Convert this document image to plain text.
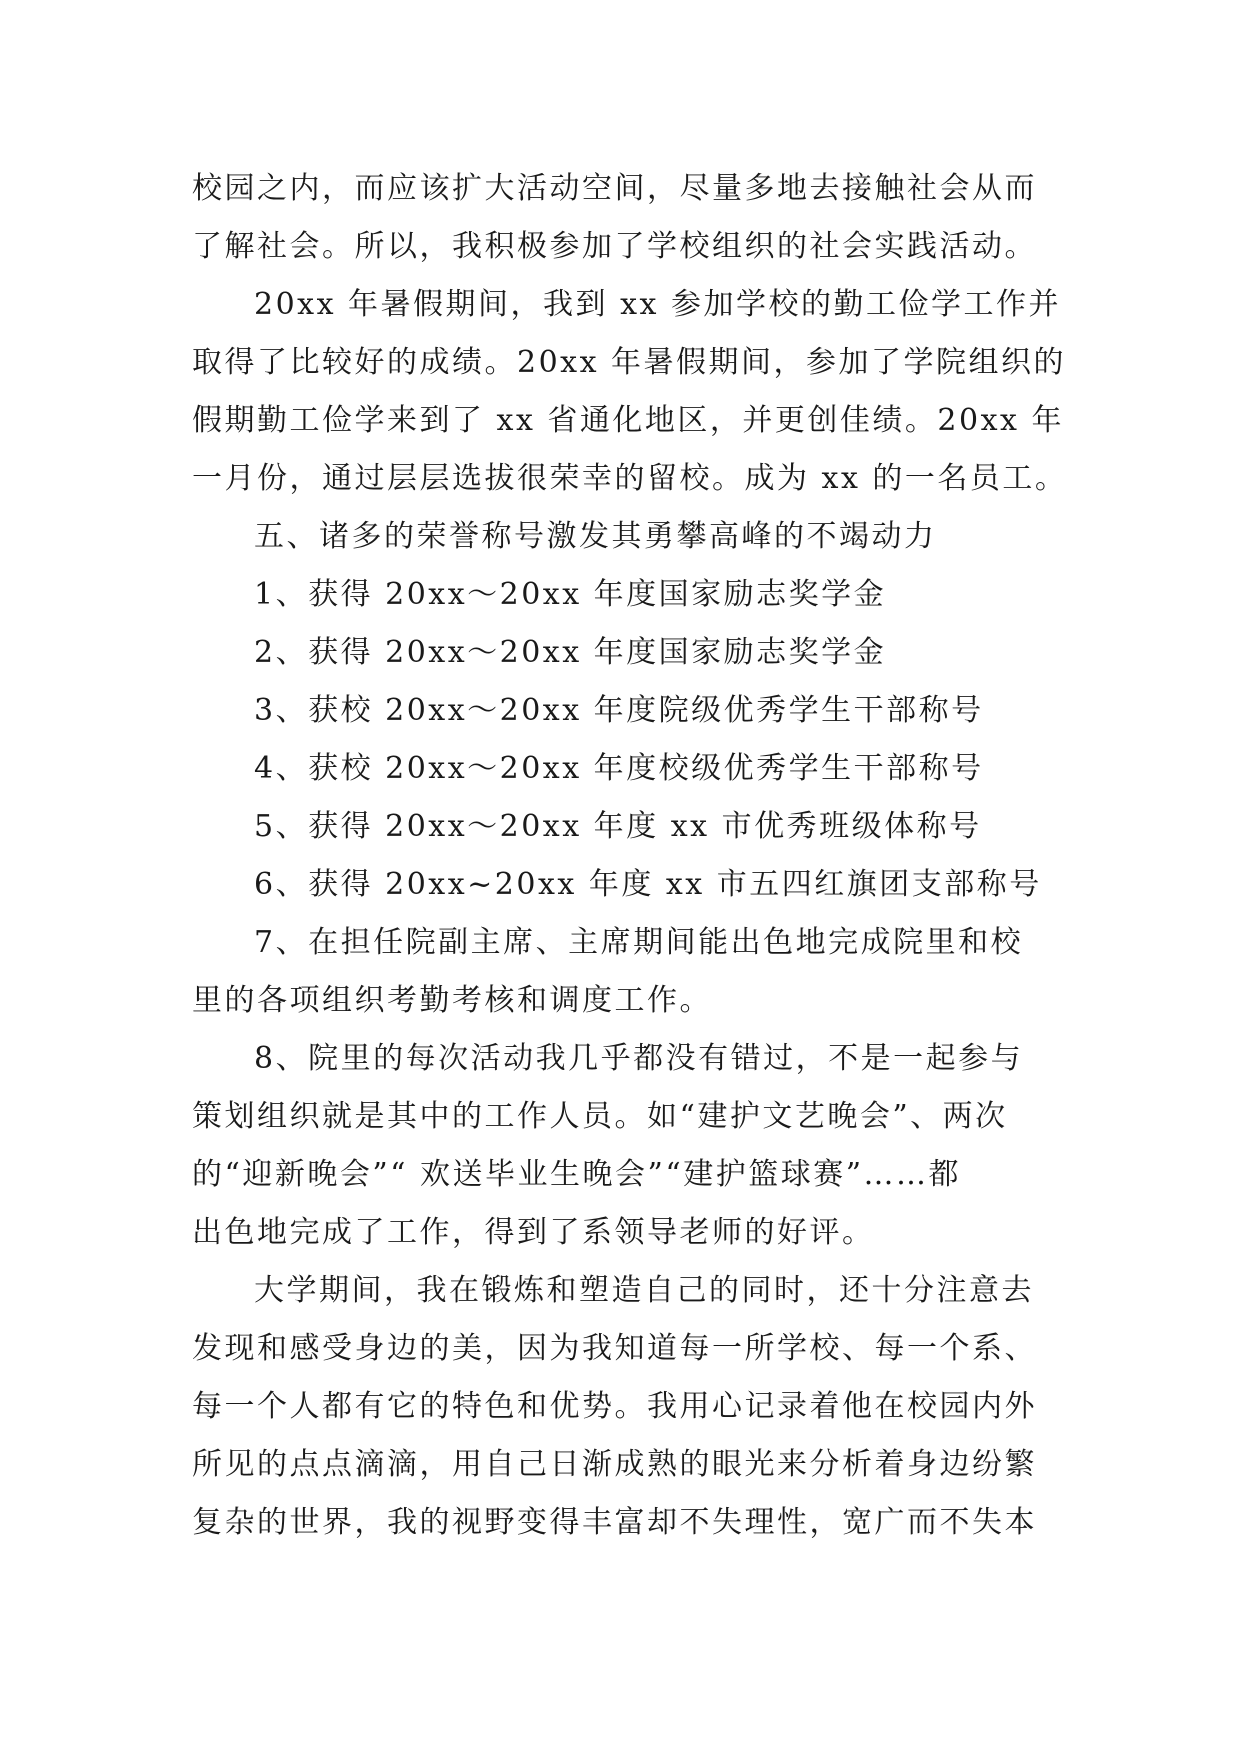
校园之内，而应该扩大活动空间，尽量多地去接触社会从而
了解社会。所以，我积极参加了学校组织的社会实践活动。
20xx 年暑假期间，我到 xx 参加学校的勤工俭学工作并
取得了比较好的成绩。20xx 年暑假期间，参加了学院组织的
假期勤工俭学来到了 xx 省通化地区，并更创佳绩。20xx 年
一月份，通过层层选拔很荣幸的留校。成为 xx 的一名员工。
五、诸多的荣誉称号激发其勇攀高峰的不竭动力
1、获得 20xx～20xx 年度国家励志奖学金
2、获得 20xx～20xx 年度国家励志奖学金
3、获校 20xx～20xx 年度院级优秀学生干部称号
4、获校 20xx～20xx 年度校级优秀学生干部称号
5、获得 20xx～20xx 年度 xx 市优秀班级体称号
6、获得 20xx~20xx 年度 xx 市五四红旗团支部称号
7、在担任院副主席、主席期间能出色地完成院里和校
里的各项组织考勤考核和调度工作。
8、院里的每次活动我几乎都没有错过，不是一起参与
策划组织就是其中的工作人员。如“建护文艺晚会”、两次
的“迎新晚会”“ 欢送毕业生晚会”“建护篮球赛”……都
出色地完成了工作，得到了系领导老师的好评。
大学期间，我在锻炼和塑造自己的同时，还十分注意去
发现和感受身边的美，因为我知道每一所学校、每一个系、
每一个人都有它的特色和优势。我用心记录着他在校园内外
所见的点点滴滴，用自己日渐成熟的眼光来分析着身边纷繁
复杂的世界，我的视野变得丰富却不失理性，宽广而不失本
